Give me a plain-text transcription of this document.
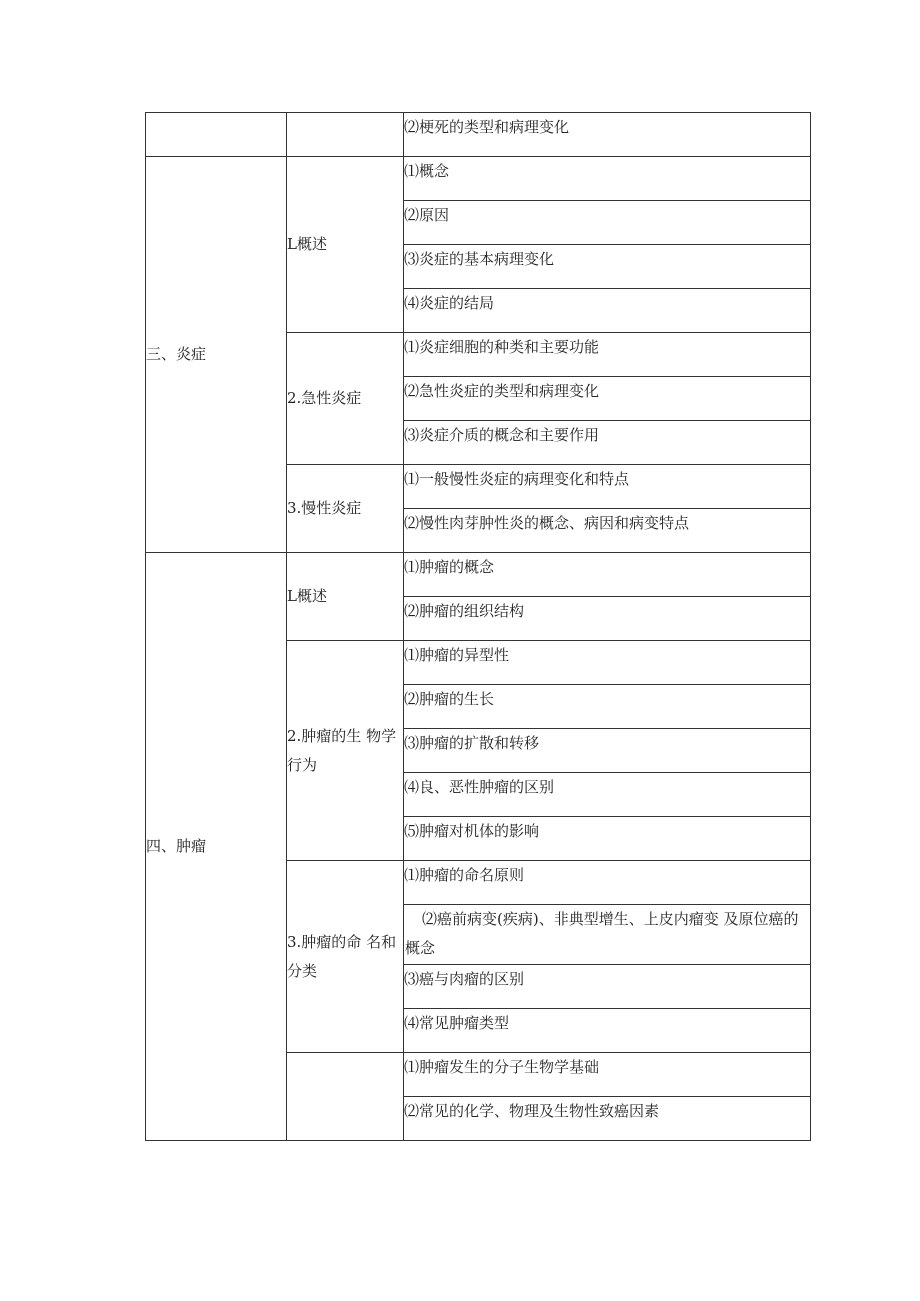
		⑵梗死的类型和病理变化

三、炎症	L概述	⑴概念

		⑵原因

		⑶炎症的基本病理变化

		⑷炎症的结局

	2.急性炎症	⑴炎症细胞的种类和主要功能

		⑵急性炎症的类型和病理变化

		⑶炎症介质的概念和主要作用

	3.慢性炎症	⑴一般慢性炎症的病理变化和特点

		⑵慢性肉芽肿性炎的概念、病因和病变特点

四、肿瘤	L概述	⑴肿瘤的概念

		⑵肿瘤的组织结构

	2.肿瘤的生 物学行为	⑴肿瘤的异型性

		⑵肿瘤的生长

		⑶肿瘤的扩散和转移

		⑷良、恶性肿瘤的区别

		⑸肿瘤对机体的影响

	3.肿瘤的命 名和分类	⑴肿瘤的命名原则

		⑵癌前病变(疾病)、非典型增生、上皮内瘤变 及原位癌的概念

		⑶癌与肉瘤的区别

		⑷常见肿瘤类型

		⑴肿瘤发生的分子生物学基础

		⑵常见的化学、物理及生物性致癌因素
